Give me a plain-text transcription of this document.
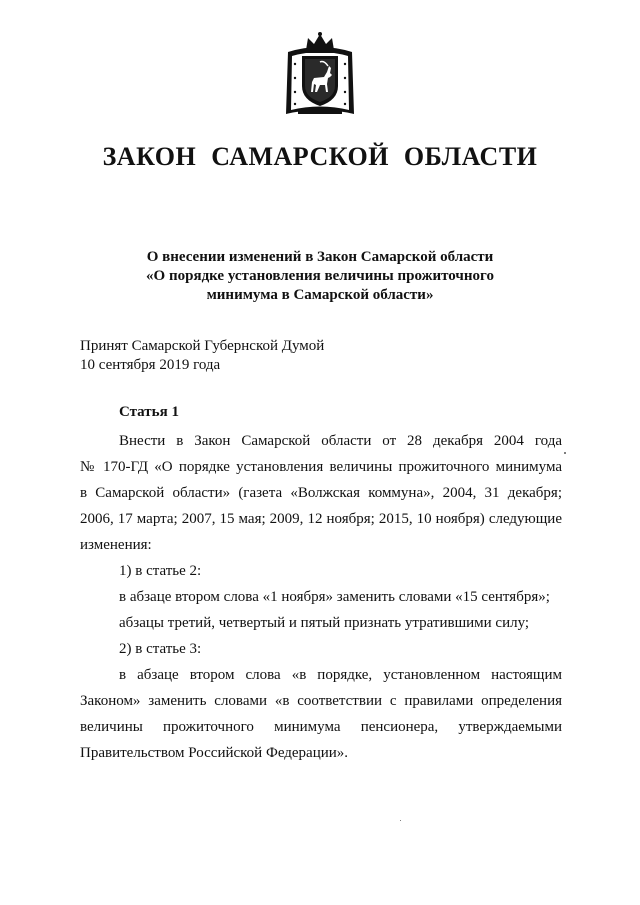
ЗАКОН САМАРСКОЙ ОБЛАСТИ
О внесении изменений в Закон Самарской области
«О порядке установления величины прожиточного
минимума в Самарской области»
Принят Самарской Губернской Думой
10 сентября 2019 года
Статья 1
Внести в Закон Самарской области от 28 декабря 2004 года
№ 170-ГД «О порядке установления величины прожиточного минимума
в Самарской области» (газета «Волжская коммуна», 2004, 31 декабря;
2006, 17 марта; 2007, 15 мая; 2009, 12 ноября; 2015, 10 ноября) следующие
изменения:
1) в статье 2:
в абзаце втором слова «1 ноября» заменить словами «15 сентября»;
абзацы третий, четвертый и пятый признать утратившими силу;
2) в статье 3:
в абзаце втором слова «в порядке, установленном настоящим
Законом» заменить словами «в соответствии с правилами определения
величины прожиточного минимума пенсионера, утверждаемыми
Правительством Российской Федерации».
